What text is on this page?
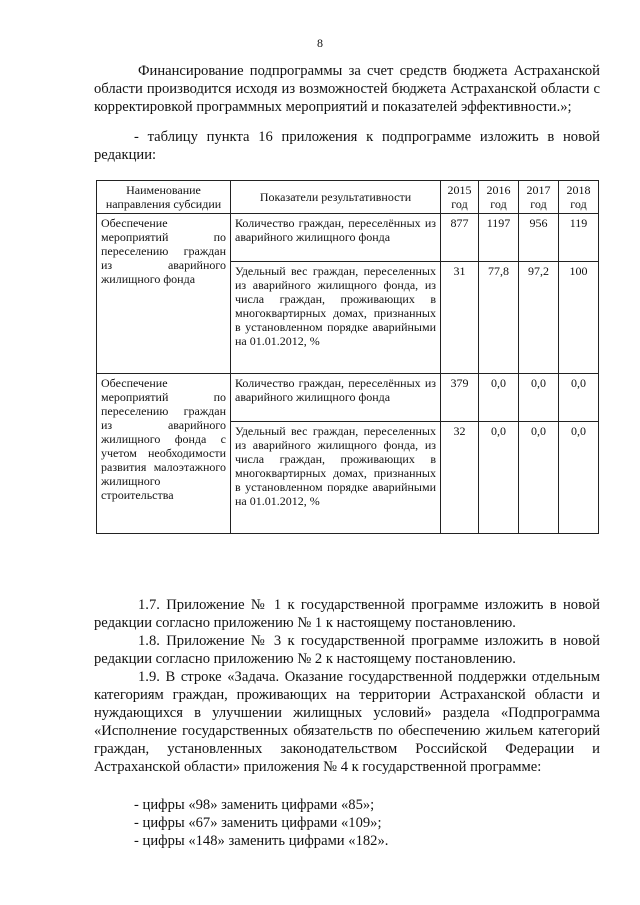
8
Финансирование подпрограммы за счет средств бюджета Астраханской области производится исходя из возможностей бюджета Астраханской области с корректировкой программных мероприятий и показателей эффективности.»;
- таблицу пункта 16 приложения к подпрограмме изложить в новой редакции:
Наименование направления субсидии	Показатели результативности	2015 год	2016 год	2017 год	2018 год
Обеспечение мероприятий по переселению граждан из аварийного жилищного фонда	Количество граждан, переселённых из аварийного жилищного фонда	877	1197	956	119
	Удельный вес граждан, переселенных из аварийного жилищного фонда, из числа граждан, проживающих в многоквартирных домах, признанных в установленном порядке аварийными на 01.01.2012, %	31	77,8	97,2	100
Обеспечение мероприятий по переселению граждан из аварийного жилищного фонда с учетом необходимости развития малоэтажного жилищного строительства	Количество граждан, переселённых из аварийного жилищного фонда	379	0,0	0,0	0,0
	Удельный вес граждан, переселенных из аварийного жилищного фонда, из числа граждан, проживающих в многоквартирных домах, признанных в установленном порядке аварийными на 01.01.2012, %	32	0,0	0,0	0,0
1.7. Приложение № 1 к государственной программе изложить в новой редакции согласно приложению № 1 к настоящему постановлению.
1.8. Приложение № 3 к государственной программе изложить в новой редакции согласно приложению № 2 к настоящему постановлению.
1.9. В строке «Задача. Оказание государственной поддержки отдельным категориям граждан, проживающих на территории Астраханской области и нуждающихся в улучшении жилищных условий» раздела «Подпрограмма «Исполнение государственных обязательств по обеспечению жильем категорий граждан, установленных законодательством Российской Федерации и Астраханской области» приложения № 4 к государственной программе:
- цифры «98» заменить цифрами «85»;
- цифры «67» заменить цифрами «109»;
- цифры «148» заменить цифрами «182».
